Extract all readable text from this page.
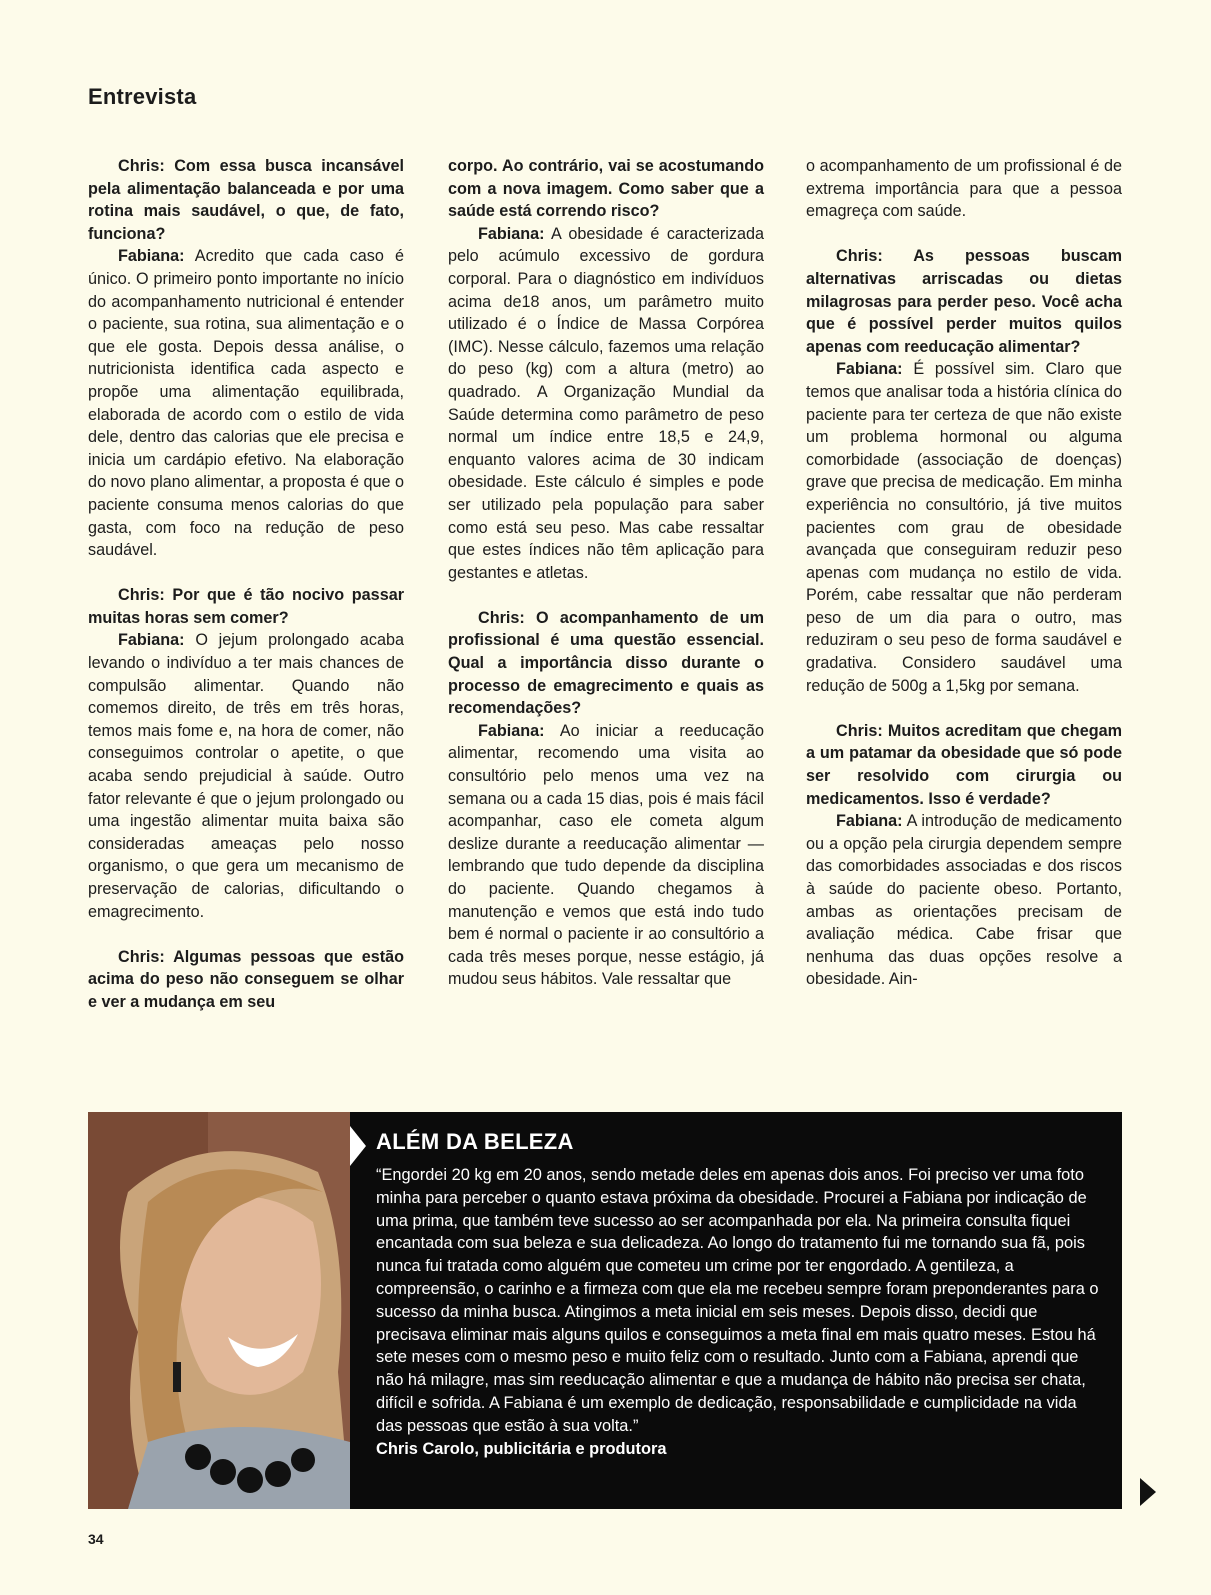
Entrevista

Chris: Com essa busca incansável pela alimentação balanceada e por uma rotina mais saudável, o que, de fato, funciona?

Fabiana: Acredito que cada caso é único. O primeiro ponto importante no início do acompanhamento nutricional é entender o paciente, sua rotina, sua alimentação e o que ele gosta. Depois dessa análise, o nutricionista identifica cada aspecto e propõe uma alimentação equilibrada, elaborada de acordo com o estilo de vida dele, dentro das calorias que ele precisa e inicia um cardápio efetivo. Na elaboração do novo plano alimentar, a proposta é que o paciente consuma menos calorias do que gasta, com foco na redução de peso saudável.

Chris: Por que é tão nocivo passar muitas horas sem comer?

Fabiana: O jejum prolongado acaba levando o indivíduo a ter mais chances de compulsão alimentar. Quando não comemos direito, de três em três horas, temos mais fome e, na hora de comer, não conseguimos controlar o apetite, o que acaba sendo prejudicial à saúde. Outro fator relevante é que o jejum prolongado ou uma ingestão alimentar muita baixa são consideradas ameaças pelo nosso organismo, o que gera um mecanismo de preservação de calorias, dificultando o emagrecimento.

Chris: Algumas pessoas que estão acima do peso não conseguem se olhar e ver a mudança em seu

corpo. Ao contrário, vai se acostumando com a nova imagem. Como saber que a saúde está correndo risco?

Fabiana: A obesidade é caracterizada pelo acúmulo excessivo de gordura corporal. Para o diagnóstico em indivíduos acima de18 anos, um parâmetro muito utilizado é o Índice de Massa Corpórea (IMC). Nesse cálculo, fazemos uma relação do peso (kg) com a altura (metro) ao quadrado. A Organização Mundial da Saúde determina como parâmetro de peso normal um índice entre 18,5 e 24,9, enquanto valores acima de 30 indicam obesidade. Este cálculo é simples e pode ser utilizado pela população para saber como está seu peso. Mas cabe ressaltar que estes índices não têm aplicação para gestantes e atletas.

Chris: O acompanhamento de um profissional é uma questão essencial. Qual a importância disso durante o processo de emagrecimento e quais as recomendações?

Fabiana: Ao iniciar a reeducação alimentar, recomendo uma visita ao consultório pelo menos uma vez na semana ou a cada 15 dias, pois é mais fácil acompanhar, caso ele cometa algum deslize durante a reeducação alimentar — lembrando que tudo depende da disciplina do paciente. Quando chegamos à manutenção e vemos que está indo tudo bem é normal o paciente ir ao consultório a cada três meses porque, nesse estágio, já mudou seus hábitos. Vale ressaltar que

o acompanhamento de um profissional é de extrema importância para que a pessoa emagreça com saúde.

Chris: As pessoas buscam alternativas arriscadas ou dietas milagrosas para perder peso. Você acha que é possível perder muitos quilos apenas com reeducação alimentar?

Fabiana: É possível sim. Claro que temos que analisar toda a história clínica do paciente para ter certeza de que não existe um problema hormonal ou alguma comorbidade (associação de doenças) grave que precisa de medicação. Em minha experiência no consultório, já tive muitos pacientes com grau de obesidade avançada que conseguiram reduzir peso apenas com mudança no estilo de vida. Porém, cabe ressaltar que não perderam peso de um dia para o outro, mas reduziram o seu peso de forma saudável e gradativa. Considero saudável uma redução de 500g a 1,5kg por semana.

Chris: Muitos acreditam que chegam a um patamar da obesidade que só pode ser resolvido com cirurgia ou medicamentos. Isso é verdade?

Fabiana: A introdução de medicamento ou a opção pela cirurgia dependem sempre das comorbidades associadas e dos riscos à saúde do paciente obeso. Portanto, ambas as orientações precisam de avaliação médica. Cabe frisar que nenhuma das duas opções resolve a obesidade. Ain-

ALÉM DA BELEZA
“Engordei 20 kg em 20 anos, sendo metade deles em apenas dois anos. Foi preciso ver uma foto minha para perceber o quanto estava próxima da obesidade. Procurei a Fabiana por indicação de uma prima, que também teve sucesso ao ser acompanhada por ela. Na primeira consulta fiquei encantada com sua beleza e sua delicadeza. Ao longo do tratamento fui me tornando sua fã, pois nunca fui tratada como alguém que cometeu um crime por ter engordado. A gentileza, a compreensão, o carinho e a firmeza com que ela me recebeu sempre foram preponderantes para o sucesso da minha busca. Atingimos a meta inicial em seis meses. Depois disso, decidi que precisava eliminar mais alguns quilos e conseguimos a meta final em mais quatro meses. Estou há sete meses com o mesmo peso e muito feliz com o resultado. Junto com a Fabiana, aprendi que não há milagre, mas sim reeducação alimentar e que a mudança de hábito não precisa ser chata, difícil e sofrida. A Fabiana é um exemplo de dedicação, responsabilidade e cumplicidade na vida das pessoas que estão à sua volta.”
Chris Carolo, publicitária e produtora
34
